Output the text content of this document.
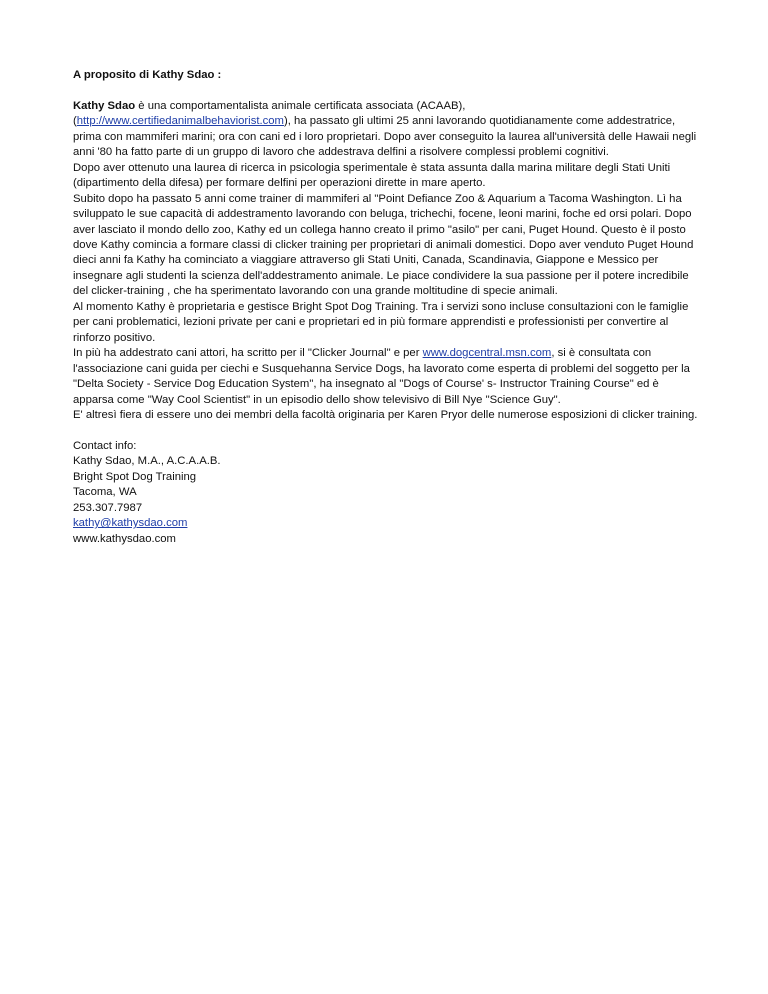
A proposito di Kathy Sdao :

Kathy Sdao è una comportamentalista animale certificata associata (ACAAB),
(http://www.certifiedanimalbehaviorist.com), ha passato gli ultimi 25 anni lavorando quotidianamente come addestratrice, prima con mammiferi marini; ora con cani ed i loro proprietari. Dopo aver conseguito la laurea all'università delle Hawaii negli anni '80 ha fatto parte di un gruppo di lavoro che addestrava delfini a risolvere complessi problemi cognitivi.

Dopo aver ottenuto una laurea di ricerca in psicologia sperimentale è stata assunta dalla marina militare degli Stati Uniti (dipartimento della difesa) per formare delfini per operazioni dirette in mare aperto.

Subito dopo ha passato 5 anni come trainer di mammiferi al "Point Defiance Zoo & Aquarium a Tacoma Washington. Lì ha sviluppato le sue capacità di addestramento lavorando con beluga, trichechi, focene, leoni marini, foche ed orsi polari. Dopo aver lasciato il mondo dello zoo, Kathy ed un collega hanno creato il primo "asilo" per cani, Puget Hound. Questo è il posto dove Kathy comincia a formare classi di clicker training per proprietari di animali domestici. Dopo aver venduto Puget Hound dieci anni fa Kathy ha cominciato a viaggiare attraverso gli Stati Uniti, Canada, Scandinavia, Giappone e Messico per insegnare agli studenti la scienza dell'addestramento animale. Le piace condividere la sua passione per il potere incredibile del clicker-training , che ha sperimentato lavorando con una grande moltitudine di specie animali.

Al momento Kathy è proprietaria e gestisce Bright Spot Dog Training. Tra i servizi sono incluse consultazioni con le famiglie per cani problematici, lezioni private per cani e proprietari ed in più formare apprendisti e professionisti per convertire al rinforzo positivo.

In più ha addestrato cani attori, ha scritto per il "Clicker Journal" e per www.dogcentral.msn.com, si è consultata con l'associazione cani guida per ciechi e Susquehanna Service Dogs, ha lavorato come esperta di problemi del soggetto per la "Delta Society - Service Dog Education System", ha insegnato al "Dogs of Course' s- Instructor Training Course" ed è apparsa come "Way Cool Scientist" in un episodio dello show televisivo di Bill Nye "Science Guy".

E' altresì fiera di essere uno dei membri della facoltà originaria per Karen Pryor delle numerose esposizioni di clicker training.

Contact info:
Kathy Sdao, M.A., A.C.A.A.B.
Bright Spot Dog Training
Tacoma, WA
253.307.7987
kathy@kathysdao.com
www.kathysdao.com
